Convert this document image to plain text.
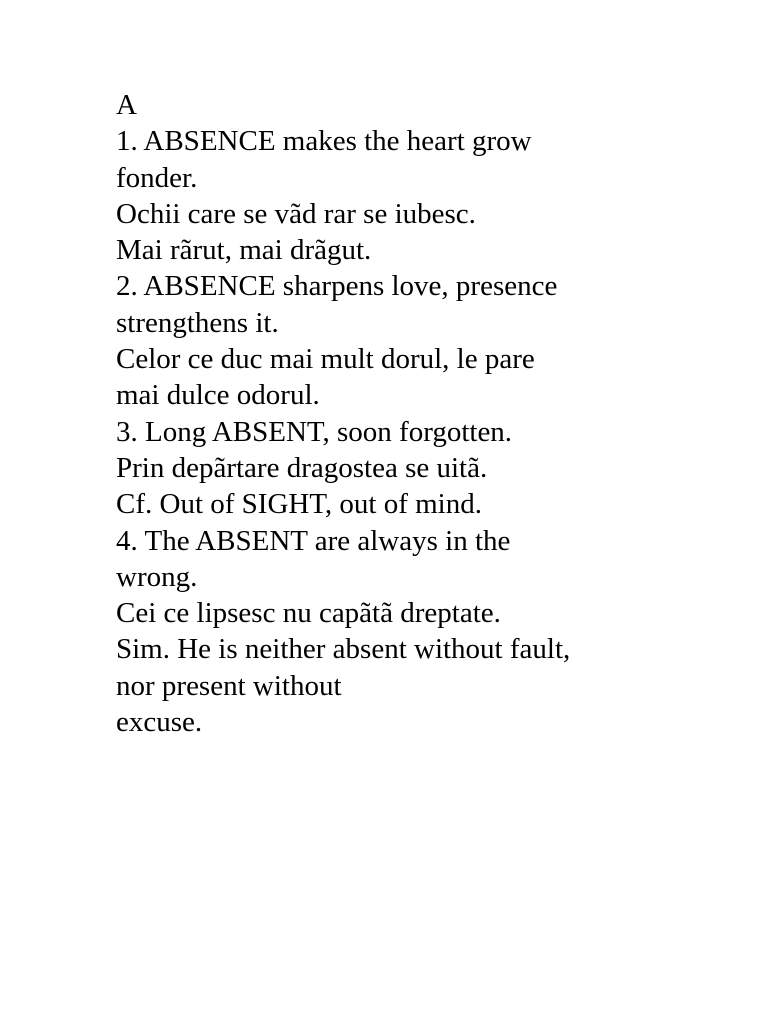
A
1. ABSENCE makes the heart grow
fonder.
Ochii care se vãd rar se iubesc.
Mai rãrut, mai drãgut.
2. ABSENCE sharpens love, presence
strengthens it.
Celor ce duc mai mult dorul, le pare
mai dulce odorul.
3. Long ABSENT, soon forgotten.
Prin depãrtare dragostea se uitã.
Cf. Out of SIGHT, out of mind.
4. The ABSENT are always in the
wrong.
Cei ce lipsesc nu capãtã dreptate.
Sim. He is neither absent without fault,
nor present without
excuse.
